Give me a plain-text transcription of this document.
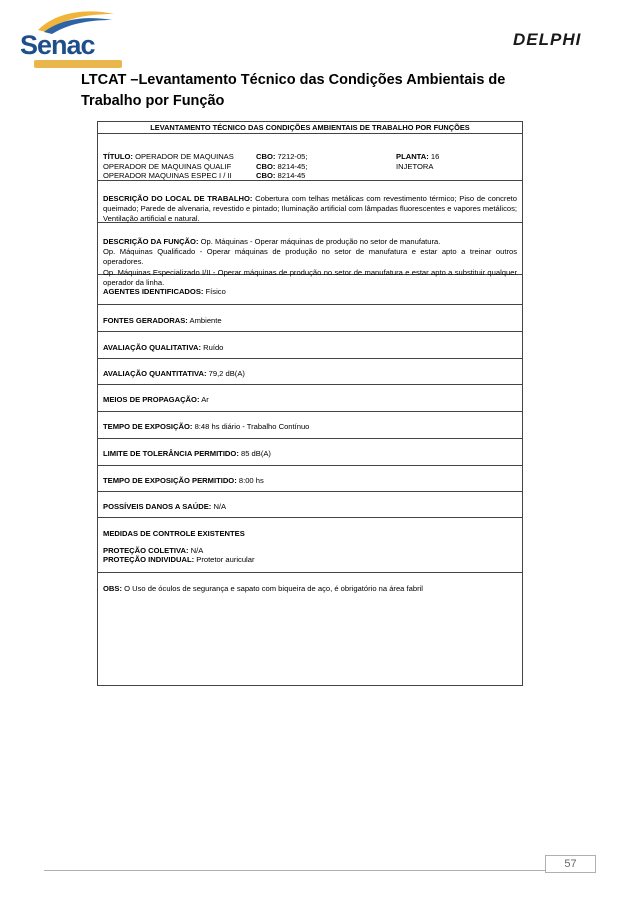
Senac	DELPHI
LTCAT –Levantamento Técnico das Condições Ambientais de Trabalho por Função
LEVANTAMENTO TÉCNICO DAS CONDIÇÕES AMBIENTAIS DE TRABALHO POR FUNÇÕES
TÍTULO: OPERADOR DE MAQUINAS
OPERADOR DE MAQUINAS QUALIF
OPERADOR MAQUINAS ESPEC I / II
CBO: 7212-05;
CBO: 8214-45;
CBO: 8214-45
PLANTA: 16
INJETORA
DESCRIÇÃO DO LOCAL DE TRABALHO: Cobertura com telhas metálicas com revestimento térmico; Piso de concreto queimado; Parede de alvenaria, revestido e pintado; Iluminação artificial com lâmpadas fluorescentes e vapores metálicos; Ventilação artificial e natural.
DESCRIÇÃO DA FUNÇÃO: Op. Máquinas - Operar máquinas de produção no setor de manufatura.
Op. Máquinas Qualificado - Operar máquinas de produção no setor de manufatura e estar apto a treinar outros operadores.
Op. Máquinas Especializado I/II - Operar máquinas de produção no setor de manufatura e estar apto a substituir qualquer operador da linha.
AGENTES IDENTIFICADOS: Físico
FONTES GERADORAS: Ambiente
AVALIAÇÃO QUALITATIVA: Ruído
AVALIAÇÃO QUANTITATIVA: 79,2 dB(A)
MEIOS DE PROPAGAÇÃO: Ar
TEMPO DE EXPOSIÇÃO: 8:48 hs diário - Trabalho Contínuo
LIMITE DE TOLERÂNCIA PERMITIDO: 85 dB(A)
TEMPO DE EXPOSIÇÃO PERMITIDO: 8:00 hs
POSSÍVEIS DANOS A SAÚDE: N/A
MEDIDAS DE CONTROLE EXISTENTES

PROTEÇÃO COLETIVA: N/A
PROTEÇÃO INDIVIDUAL: Protetor auricular
OBS: O Uso de óculos de segurança e sapato com biqueira de aço, é obrigatório na área fabril
57
